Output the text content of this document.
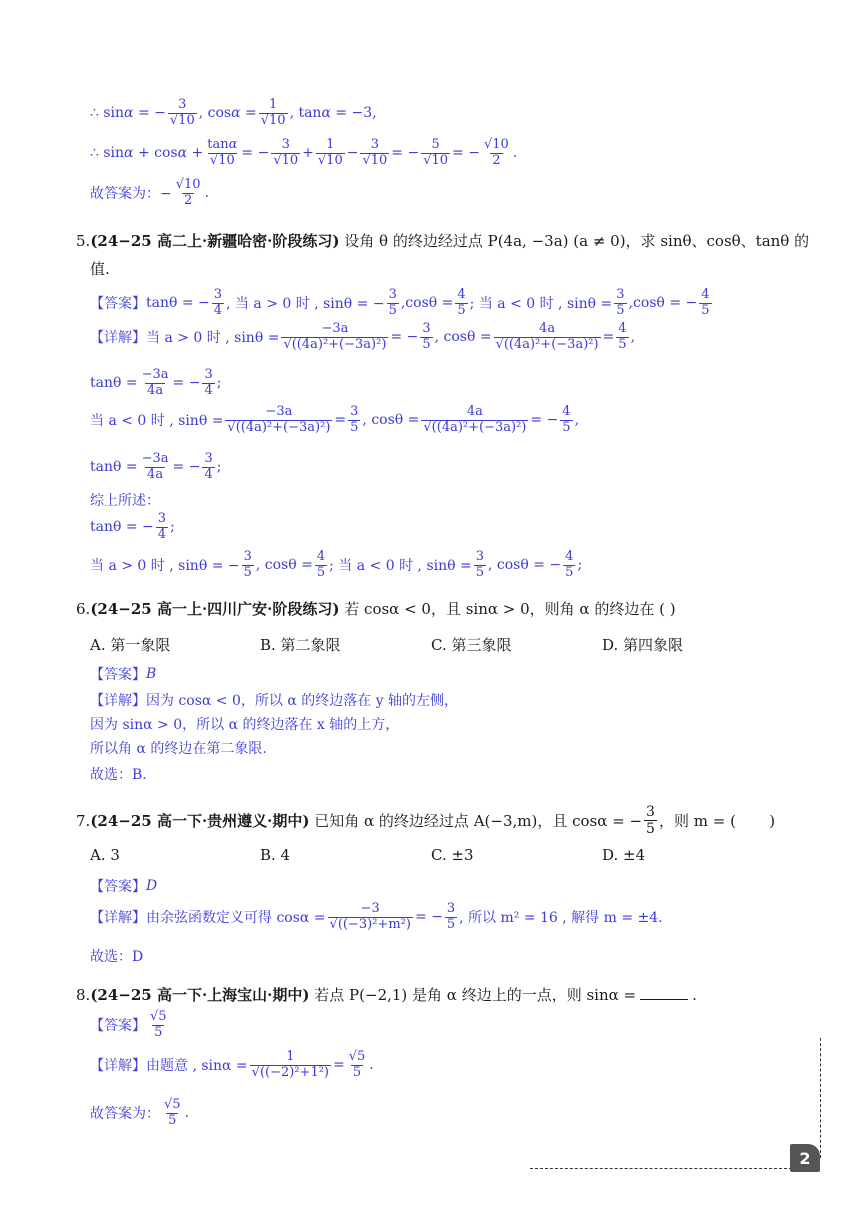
∴ sinα = − $\frac{3}{√10}$ , $\cos\alpha = \frac{1}{√10}$ , tanα = −3,
∴ $\sin\alpha + \cos\alpha + \frac{\tan\alpha}{√10}$ = − $\frac{3}{√10} + \frac{1}{√10} - \frac{3}{√10}$ = − $\frac{5}{√10}$ = − $\frac{√10}{2}$ .
故答案为：− $\frac{√10}{2}$ .
5.(24−25 高二上·新疆哈密·阶段练习) 设角 θ 的终边经过点 P(4a, −3a) (a ≠ 0)，求 sinθ、cosθ、tanθ 的
值.
【答案】 tanθ = − $\frac{3}{4}$ , 当 a > 0 时 , sinθ = − $\frac{3}{5} ,\cos\theta = \frac{4}{5}$ ; 当 a < 0 时 , $\sin\theta = \frac{3}{5} ,\cos\theta$ = − $\frac{4}{5}$
【详解】 当 a > 0 时 , $\sin\theta = \frac{-3a}{\text{√((4a)²+(−3a)²)}}$ = − $\frac{3}{5}$ , $\cos\theta = \frac{4a}{\text{√((4a)²+(−3a)²)}} = \frac{4}{5}$ ,
$\tan\theta = \frac{-3a}{4a}$ = − $\frac{3}{4}$ ;
当 a < 0 时 , $\sin\theta = \frac{-3a}{\text{√((4a)²+(−3a)²)}} = \frac{3}{5}$ , $\cos\theta = \frac{4a}{\text{√((4a)²+(−3a)²)}}$ = − $\frac{4}{5}$ ,
$\tan\theta = \frac{-3a}{4a}$ = − $\frac{3}{4}$ ;
综上所述：
tanθ = − $\frac{3}{4}$ ;
当 a > 0 时 , sinθ = − $\frac{3}{5}$ , $\cos\theta = \frac{4}{5}$ ; 当 a < 0 时 , $\sin\theta = \frac{3}{5}$ , cosθ = − $\frac{4}{5}$ ;
6.(24−25 高一上·四川广安·阶段练习) 若 cosα < 0，且 sinα > 0，则角 α 的终边在 ( )
A. 第一象限	B. 第二象限	C. 第三象限	D. 第四象限
【答案】 B
【详解】 因为 cosα < 0，所以 α 的终边落在 y 轴的左侧，
因为 sinα > 0，所以 α 的终边落在 x 轴的上方，
所以角 α 的终边在第二象限.
故选：B.
7. (24−25 高一下·贵州遵义·期中) 已知角 α 的终边经过点 A(−3,m)，且 cosα = − $\frac{3}{5}$ ，则 m = (       )
A. 3	B. 4	C. ±3	D. ±4
【答案】 D
【详解】 由余弦函数定义可得 $\cos\alpha = \frac{-3}{\text{√((−3)²+m²)}}$ = − $\frac{3}{5}$ , 所以 m² = 16 , 解得 m = ±4.
故选：D
8.(24−25 高一下·上海宝山·期中) 若点 P(−2,1) 是角 α 终边上的一点，则 sinα =	.
【答案】 $\frac{√5}{5}$
【详解】 由题意 , $\sin\alpha = \frac{1}{\text{√((−2)²+1²)}} = \frac{√5}{5}$ .
故答案为： $\frac{√5}{5}$ .
2
